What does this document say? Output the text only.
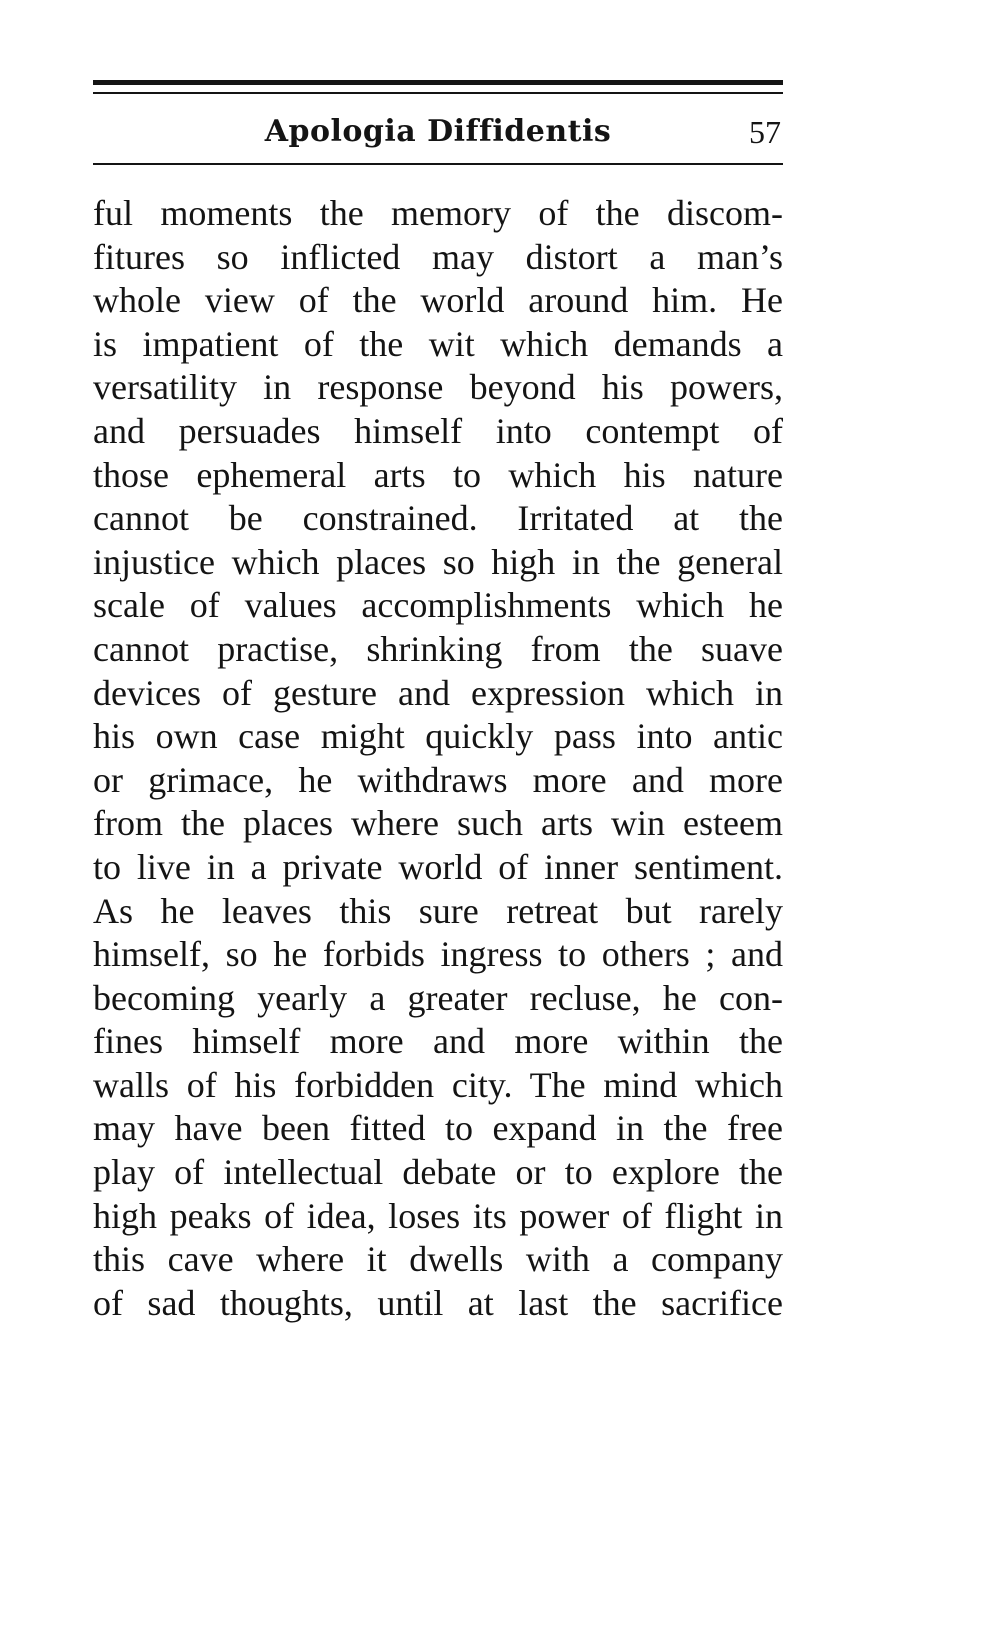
Apologia Diffidentis	57
ful moments the memory of the discom-
fitures so inflicted may distort a man’s
whole view of the world around him. He
is impatient of the wit which demands a
versatility in response beyond his powers,
and persuades himself into contempt of
those ephemeral arts to which his nature
cannot be constrained. Irritated at the
injustice which places so high in the general
scale of values accomplishments which he
cannot practise, shrinking from the suave
devices of gesture and expression which in
his own case might quickly pass into antic
or grimace, he withdraws more and more
from the places where such arts win esteem
to live in a private world of inner sentiment.
As he leaves this sure retreat but rarely
himself, so he forbids ingress to others ; and
becoming yearly a greater recluse, he con-
fines himself more and more within the
walls of his forbidden city. The mind which
may have been fitted to expand in the free
play of intellectual debate or to explore the
high peaks of idea, loses its power of flight in
this cave where it dwells with a company
of sad thoughts, until at last the sacrifice
